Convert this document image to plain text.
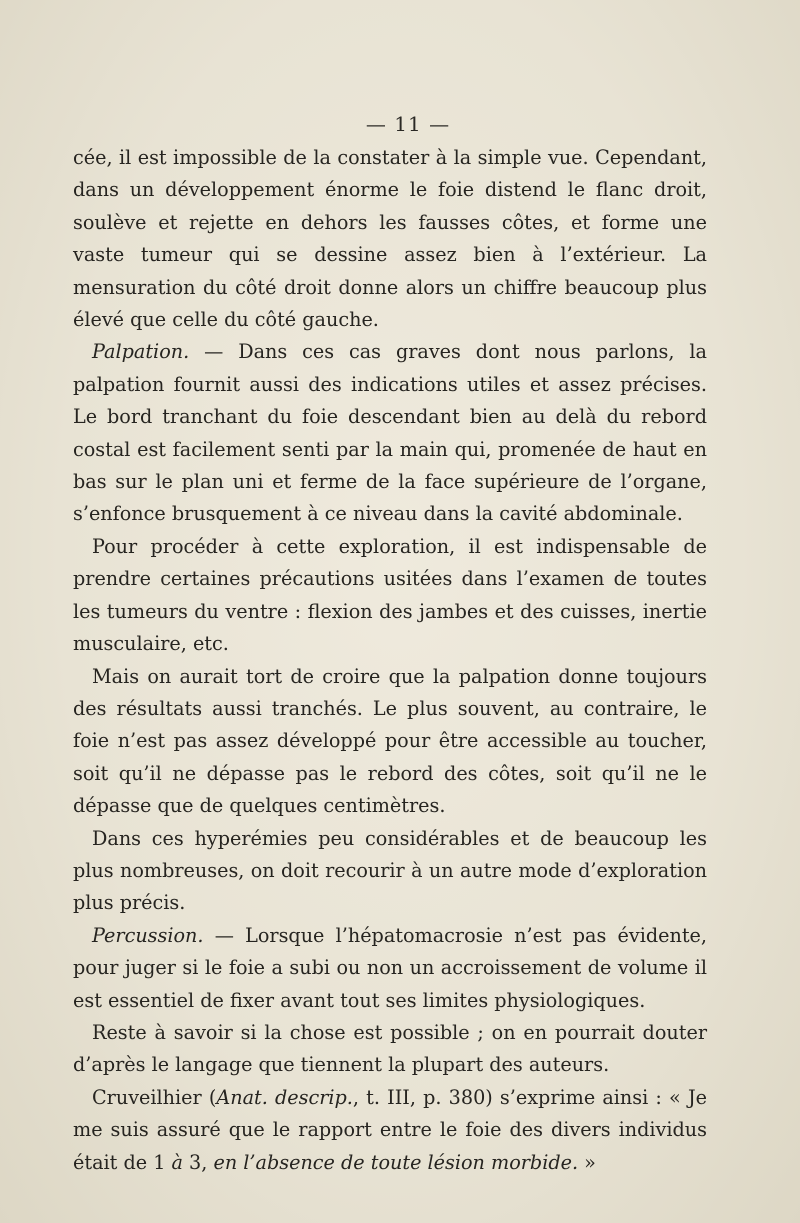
— 11 —

cée, il est impossible de la constater à la simple vue. Cependant, dans un développement énorme le foie distend le flanc droit, soulève et rejette en dehors les fausses côtes, et forme une vaste tumeur qui se dessine assez bien à l’extérieur. La mensuration du côté droit donne alors un chiffre beaucoup plus élevé que celle du côté gauche.

Palpation. — Dans ces cas graves dont nous parlons, la palpation fournit aussi des indications utiles et assez précises. Le bord tranchant du foie descendant bien au delà du rebord costal est facilement senti par la main qui, promenée de haut en bas sur le plan uni et ferme de la face supérieure de l’organe, s’enfonce brusquement à ce niveau dans la cavité abdominale.

Pour procéder à cette exploration, il est indispensable de prendre certaines précautions usitées dans l’examen de toutes les tumeurs du ventre : flexion des jambes et des cuisses, inertie musculaire, etc.

Mais on aurait tort de croire que la palpation donne toujours des résultats aussi tranchés. Le plus souvent, au contraire, le foie n’est pas assez développé pour être accessible au toucher, soit qu’il ne dépasse pas le rebord des côtes, soit qu’il ne le dépasse que de quelques centimètres.

Dans ces hyperémies peu considérables et de beaucoup les plus nombreuses, on doit recourir à un autre mode d’exploration plus précis.

Percussion. — Lorsque l’hépatomacrosie n’est pas évidente, pour juger si le foie a subi ou non un accroissement de volume il est essentiel de fixer avant tout ses limites physiologiques.

Reste à savoir si la chose est possible ; on en pourrait douter d’après le langage que tiennent la plupart des auteurs.

Cruveilhier (Anat. descrip., t. III, p. 380) s’exprime ainsi : « Je me suis assuré que le rapport entre le foie des divers individus était de 1 à 3, en l’absence de toute lésion morbide. »
